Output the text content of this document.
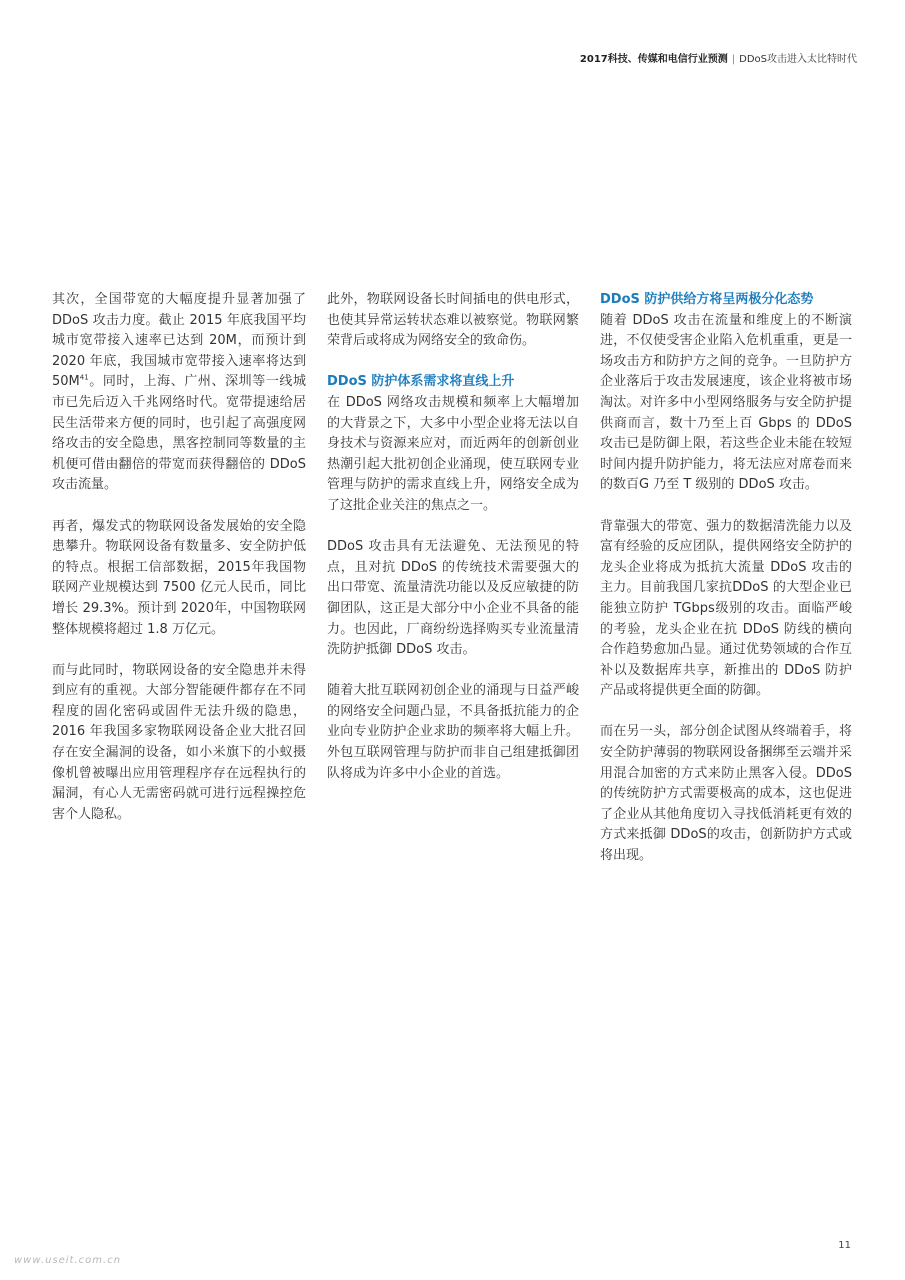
2017科技、传媒和电信行业预测 | DDoS攻击进入太比特时代

其次，全国带宽的大幅度提升显著加强了DDoS 攻击力度。截止 2015 年底我国平均城市宽带接入速率已达到 20M，而预计到 2020 年底，我国城市宽带接入速率将达到 $50M^{41}$。同时，上海、广州、深圳等一线城市已先后迈入千兆网络时代。宽带提速给居民生活带来方便的同时，也引起了高强度网络攻击的安全隐患，黑客控制同等数量的主机便可借由翻倍的带宽而获得翻倍的 DDoS 攻击流量。

再者，爆发式的物联网设备发展始的安全隐患攀升。物联网设备有数量多、安全防护低的特点。根据工信部数据，2015年我国物联网产业规模达到 7500 亿元人民币，同比增长 29.3%。预计到 2020年，中国物联网整体规模将超过 1.8 万亿元。

而与此同时，物联网设备的安全隐患并未得到应有的重视。大部分智能硬件都存在不同程度的固化密码或固件无法升级的隐患，2016 年我国多家物联网设备企业大批召回存在安全漏洞的设备，如小米旗下的小蚁摄像机曾被曝出应用管理程序存在远程执行的漏洞，有心人无需密码就可进行远程操控危害个人隐私。

此外，物联网设备长时间插电的供电形式，也使其异常运转状态难以被察觉。物联网繁荣背后或将成为网络安全的致命伤。

DDoS 防护体系需求将直线上升

在 DDoS 网络攻击规模和频率上大幅增加的大背景之下，大多中小型企业将无法以自身技术与资源来应对，而近两年的创新创业热潮引起大批初创企业涌现，使互联网专业管理与防护的需求直线上升，网络安全成为了这批企业关注的焦点之一。

DDoS 攻击具有无法避免、无法预见的特点，且对抗 DDoS 的传统技术需要强大的出口带宽、流量清洗功能以及反应敏捷的防御团队，这正是大部分中小企业不具备的能力。也因此，厂商纷纷选择购买专业流量清洗防护抵御 DDoS 攻击。

随着大批互联网初创企业的涌现与日益严峻的网络安全问题凸显，不具备抵抗能力的企业向专业防护企业求助的频率将大幅上升。外包互联网管理与防护而非自己组建抵御团队将成为许多中小企业的首选。

DDoS 防护供给方将呈两极分化态势

随着 DDoS 攻击在流量和维度上的不断演进，不仅使受害企业陷入危机重重，更是一场攻击方和防护方之间的竞争。一旦防护方企业落后于攻击发展速度，该企业将被市场淘汰。对许多中小型网络服务与安全防护提供商而言，数十乃至上百 Gbps 的 DDoS 攻击已是防御上限，若这些企业未能在较短时间内提升防护能力，将无法应对席卷而来的数百G 乃至 T 级别的 DDoS 攻击。

背靠强大的带宽、强力的数据清洗能力以及富有经验的反应团队，提供网络安全防护的龙头企业将成为抵抗大流量 DDoS 攻击的主力。目前我国几家抗DDoS 的大型企业已能独立防护 TGbps级别的攻击。面临严峻的考验，龙头企业在抗 DDoS 防线的横向合作趋势愈加凸显。通过优势领域的合作互补以及数据库共享，新推出的 DDoS 防护产品或将提供更全面的防御。

而在另一头，部分创企试图从终端着手，将安全防护薄弱的物联网设备捆绑至云端并采用混合加密的方式来防止黑客入侵。DDoS 的传统防护方式需要极高的成本，这也促进了企业从其他角度切入寻找低消耗更有效的方式来抵御 DDoS的攻击，创新防护方式或将出现。

11
www.useit.com.cn
